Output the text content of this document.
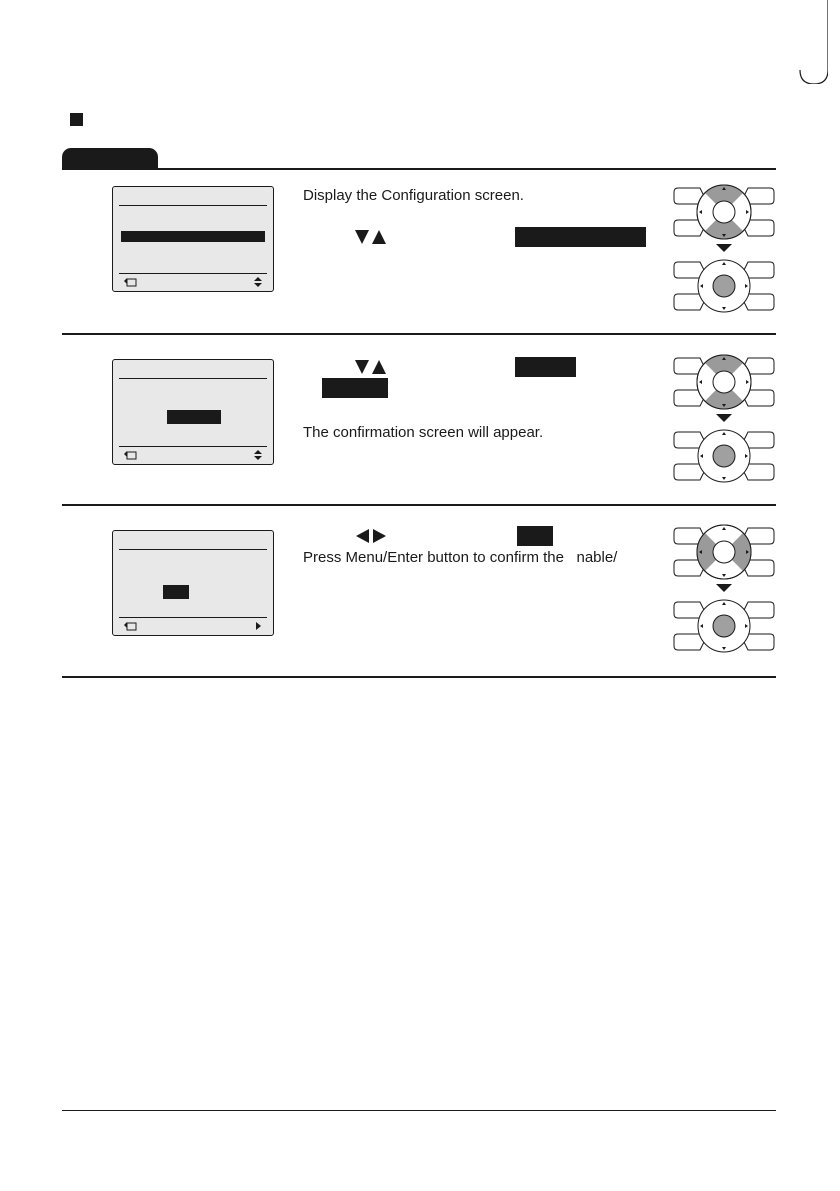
Display the Configuration screen.
The confirmation screen will appear.
Press Menu/Enter button to confirm the nable/
